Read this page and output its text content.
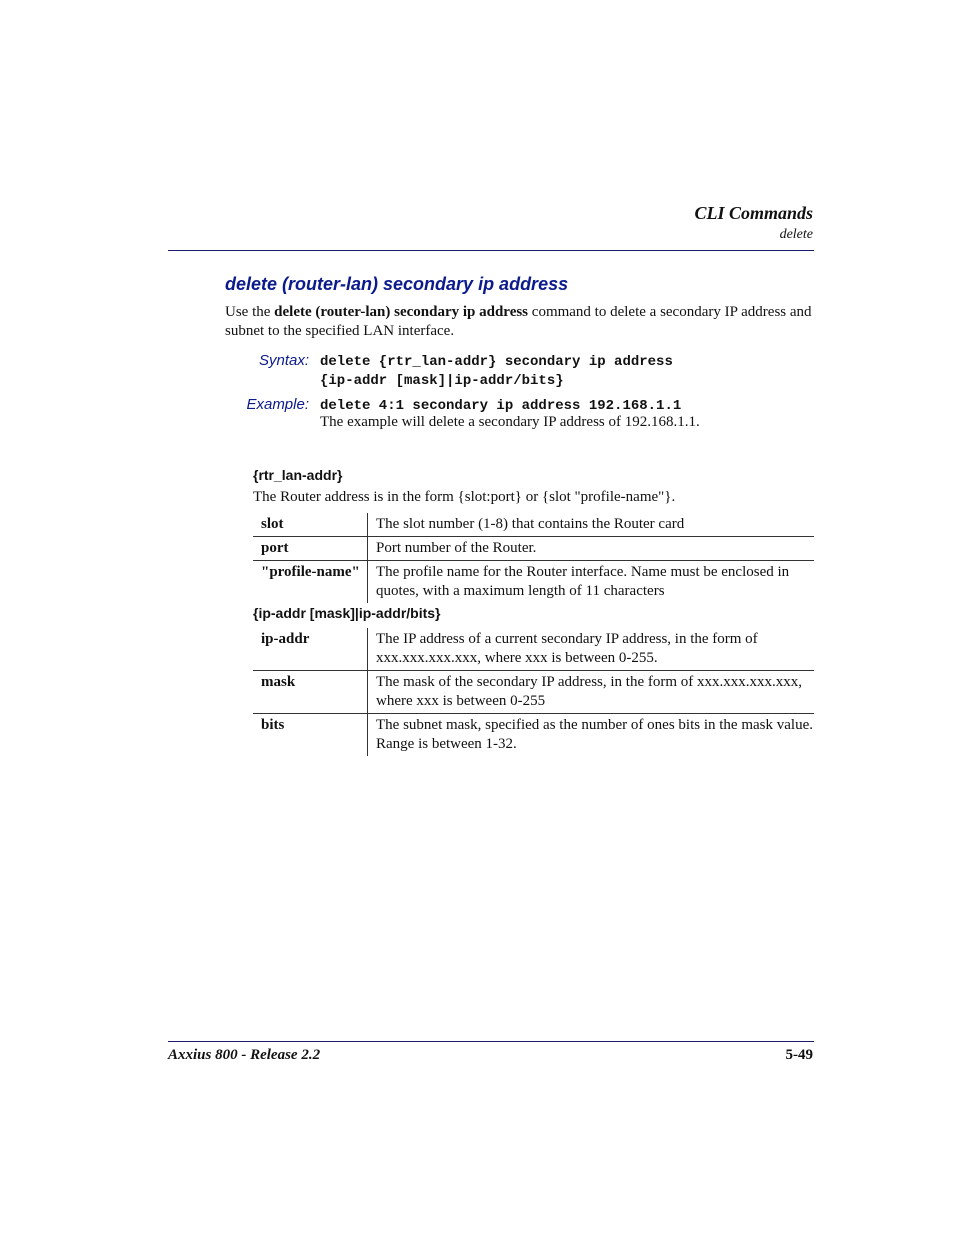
CLI Commands
delete
delete (router-lan) secondary ip address
Use the delete (router-lan) secondary ip address command to delete a secondary IP address and subnet to the specified LAN interface.
Syntax: delete {rtr_lan-addr} secondary ip address
{ip-addr [mask]|ip-addr/bits}
Example: delete 4:1 secondary ip address 192.168.1.1
The example will delete a secondary IP address of 192.168.1.1.
{rtr_lan-addr}
The Router address is in the form {slot:port} or {slot "profile-name"}.
slot	The slot number (1-8) that contains the Router card
port	Port number of the Router.
"profile-name"	The profile name for the Router interface. Name must be enclosed in quotes, with a maximum length of 11 characters
{ip-addr [mask]|ip-addr/bits}
ip-addr	The IP address of a current secondary IP address, in the form of xxx.xxx.xxx.xxx, where xxx is between 0-255.
mask	The mask of the secondary IP address, in the form of xxx.xxx.xxx.xxx, where xxx is between 0-255
bits	The subnet mask, specified as the number of ones bits in the mask value. Range is between 1-32.
Axxius 800 - Release 2.2	5-49
